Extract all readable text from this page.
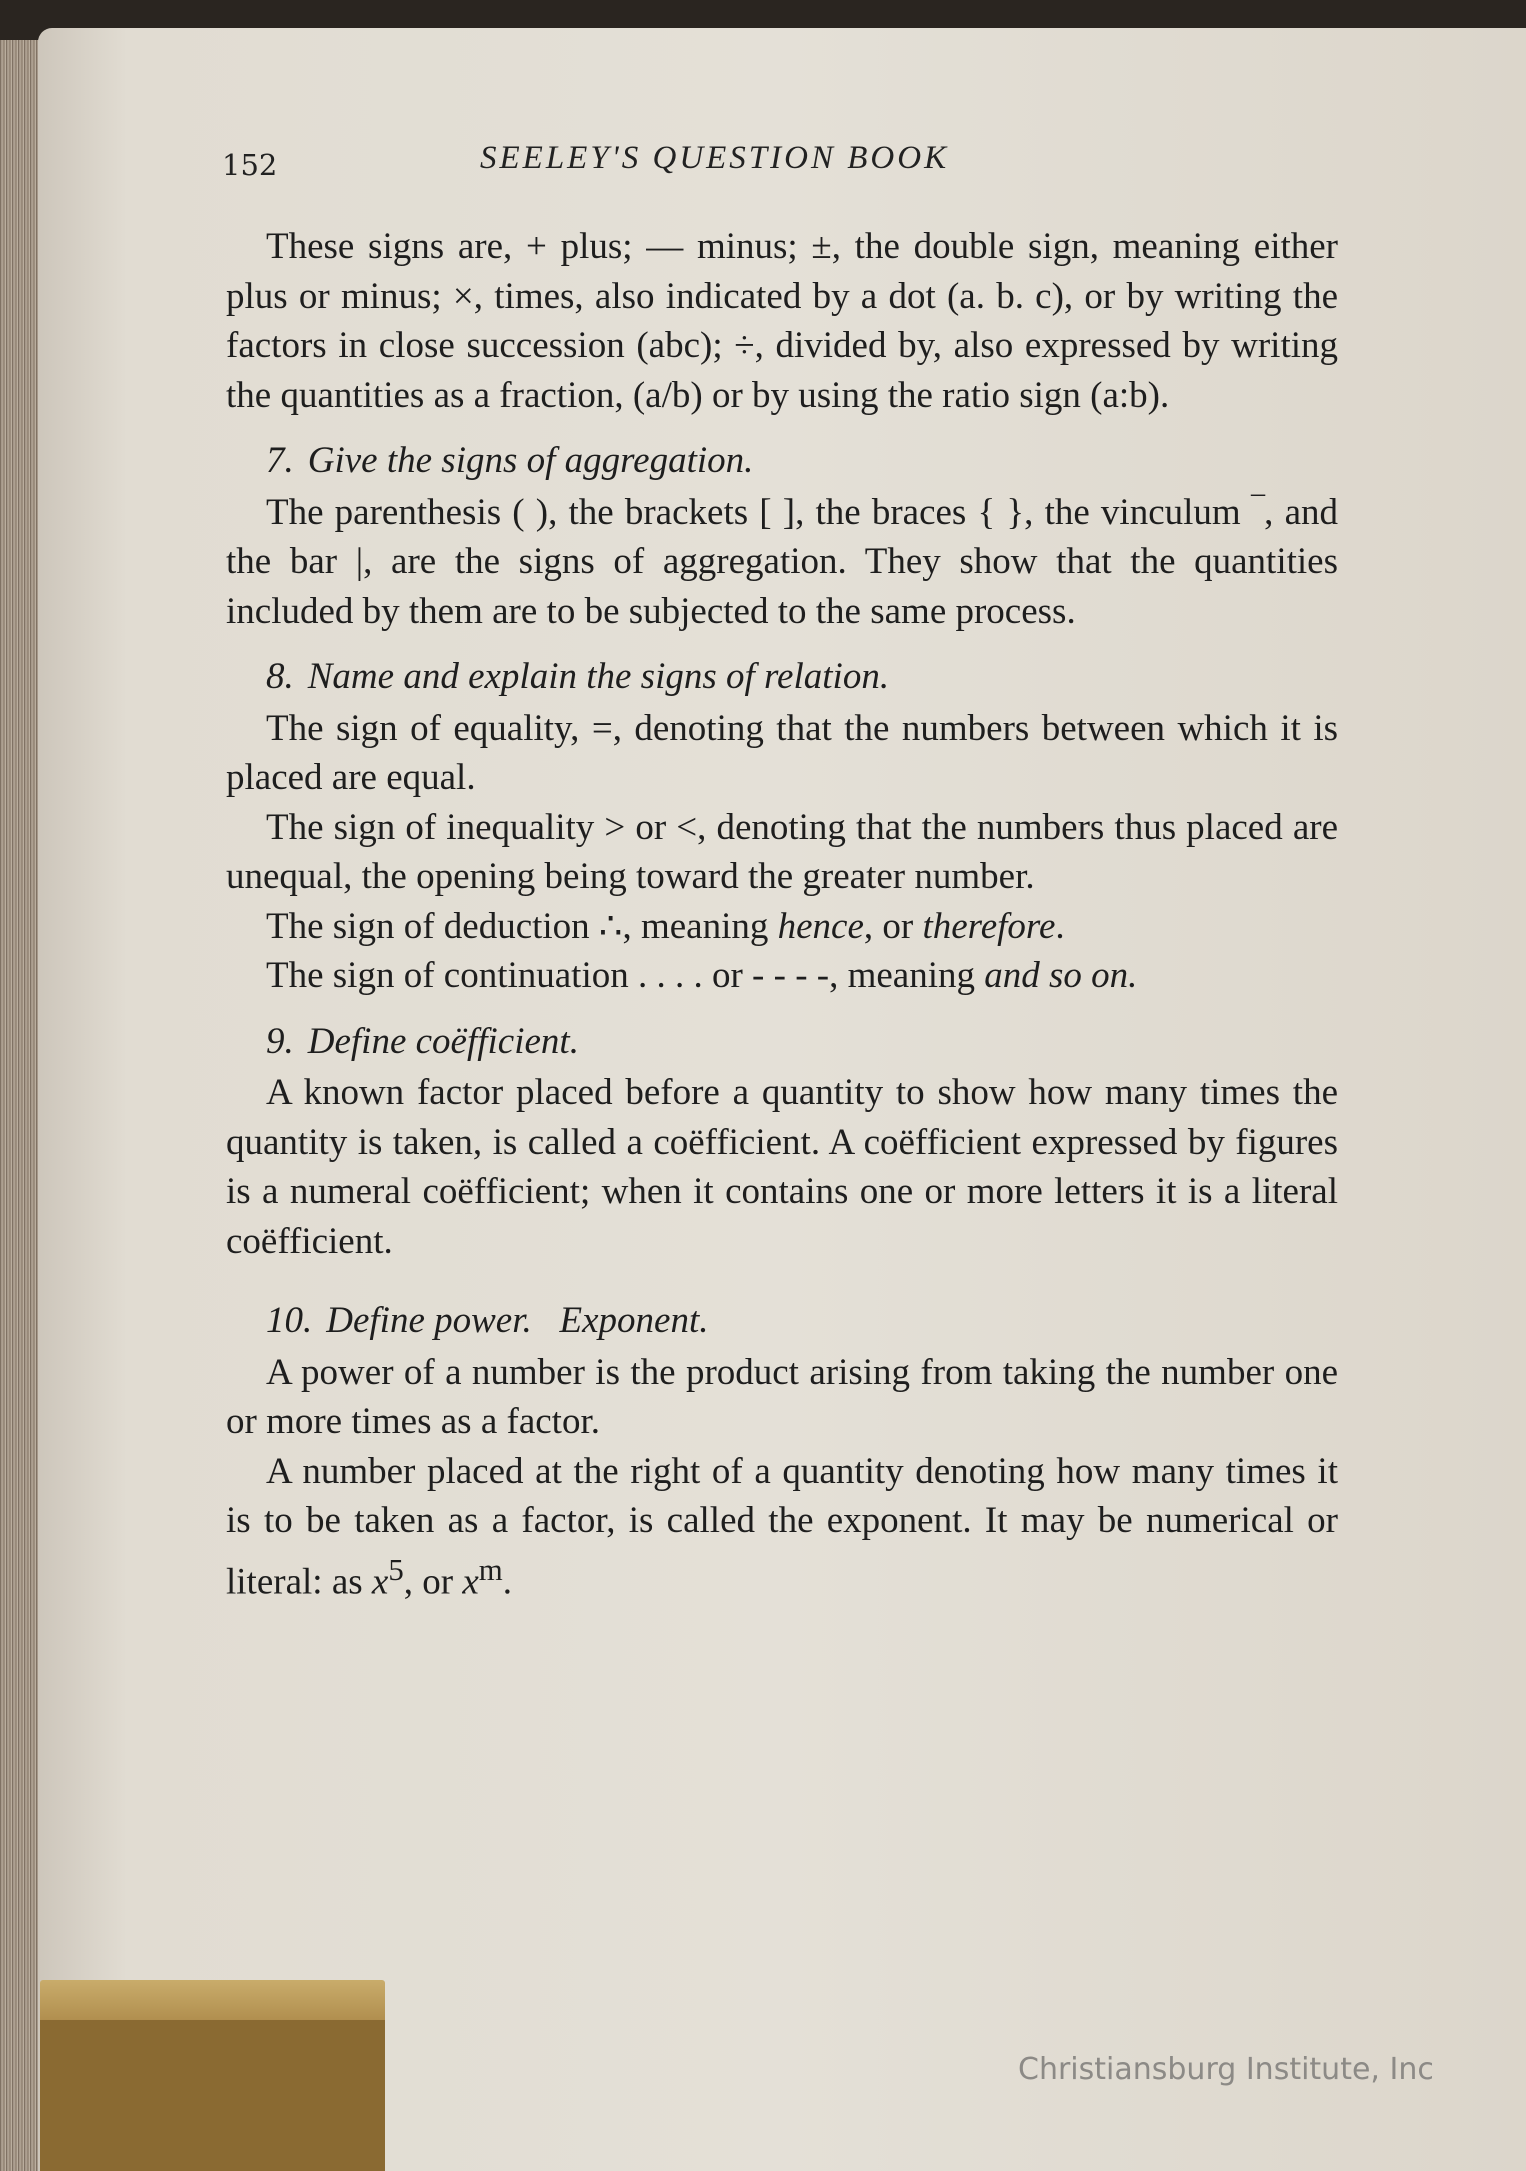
152	SEELEY'S QUESTION BOOK

These signs are, + plus; — minus; ±, the double sign, meaning either plus or minus; ×, times, also indicated by a dot (a. b. c), or by writing the factors in close succession (abc); ÷, divided by, also expressed by writing the quantities as a fraction, (a/b) or by using the ratio sign (a:b).

7. Give the signs of aggregation.

The parenthesis ( ), the brackets [ ], the braces { }, the vinculum ‾, and the bar |, are the signs of aggregation. They show that the quantities included by them are to be subjected to the same process.

8. Name and explain the signs of relation.

The sign of equality, =, denoting that the numbers between which it is placed are equal.

The sign of inequality > or <, denoting that the numbers thus placed are unequal, the opening being toward the greater number.

The sign of deduction ∴, meaning hence, or therefore.

The sign of continuation . . . . or - - - -, meaning and so on.

9. Define coëfficient.

A known factor placed before a quantity to show how many times the quantity is taken, is called a coëfficient. A coëfficient expressed by figures is a numeral coëfficient; when it contains one or more letters it is a literal coëfficient.

10. Define power. Exponent.

A power of a number is the product arising from taking the number one or more times as a factor.

A number placed at the right of a quantity denoting how many times it is to be taken as a factor, is called the exponent. It may be numerical or literal: as $x^5$, or $x^m$.

Christiansburg Institute, Inc
